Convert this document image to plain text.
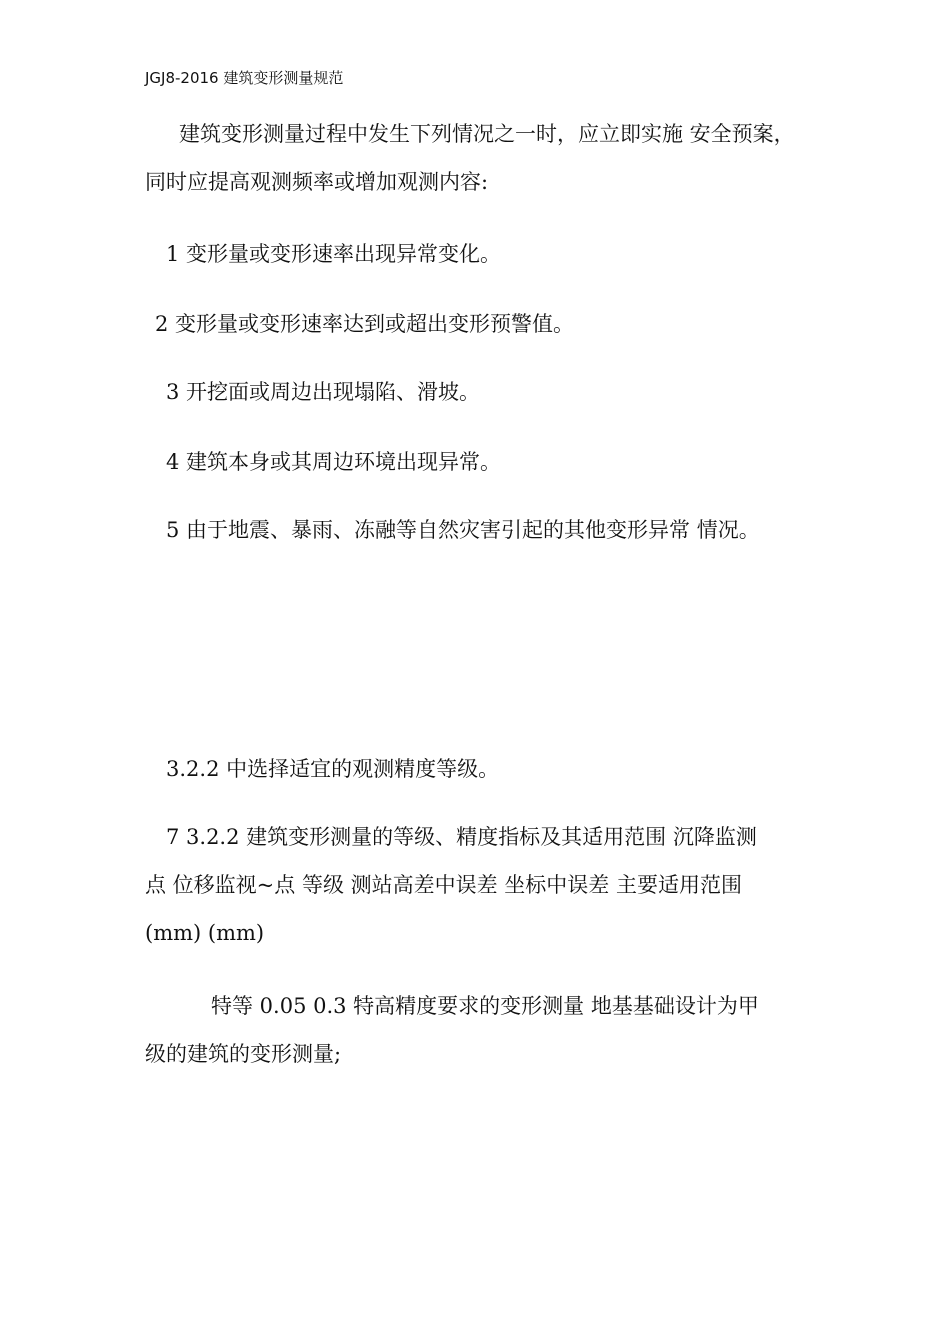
JGJ8-2016 建筑变形测量规范
建筑变形测量过程中发生下列情况之一时，应立即实施 安全预案，
同时应提高观测频率或增加观测内容:
1 变形量或变形速率出现异常变化。
2 变形量或变形速率达到或超出变形预警值。
3 开挖面或周边出现塌陷、滑坡。
4 建筑本身或其周边环境出现异常。
5 由于地震、暴雨、冻融等自然灾害引起的其他变形异常 情况。
3.2.2 中选择适宜的观测精度等级。
7 3.2.2 建筑变形测量的等级、精度指标及其适用范围 沉降监测
点 位移监视~点 等级 测站高差中误差 坐标中误差 主要适用范围
(mm) (mm)
特等 0.05 0.3 特高精度要求的变形测量 地基基础设计为甲
级的建筑的变形测量;
